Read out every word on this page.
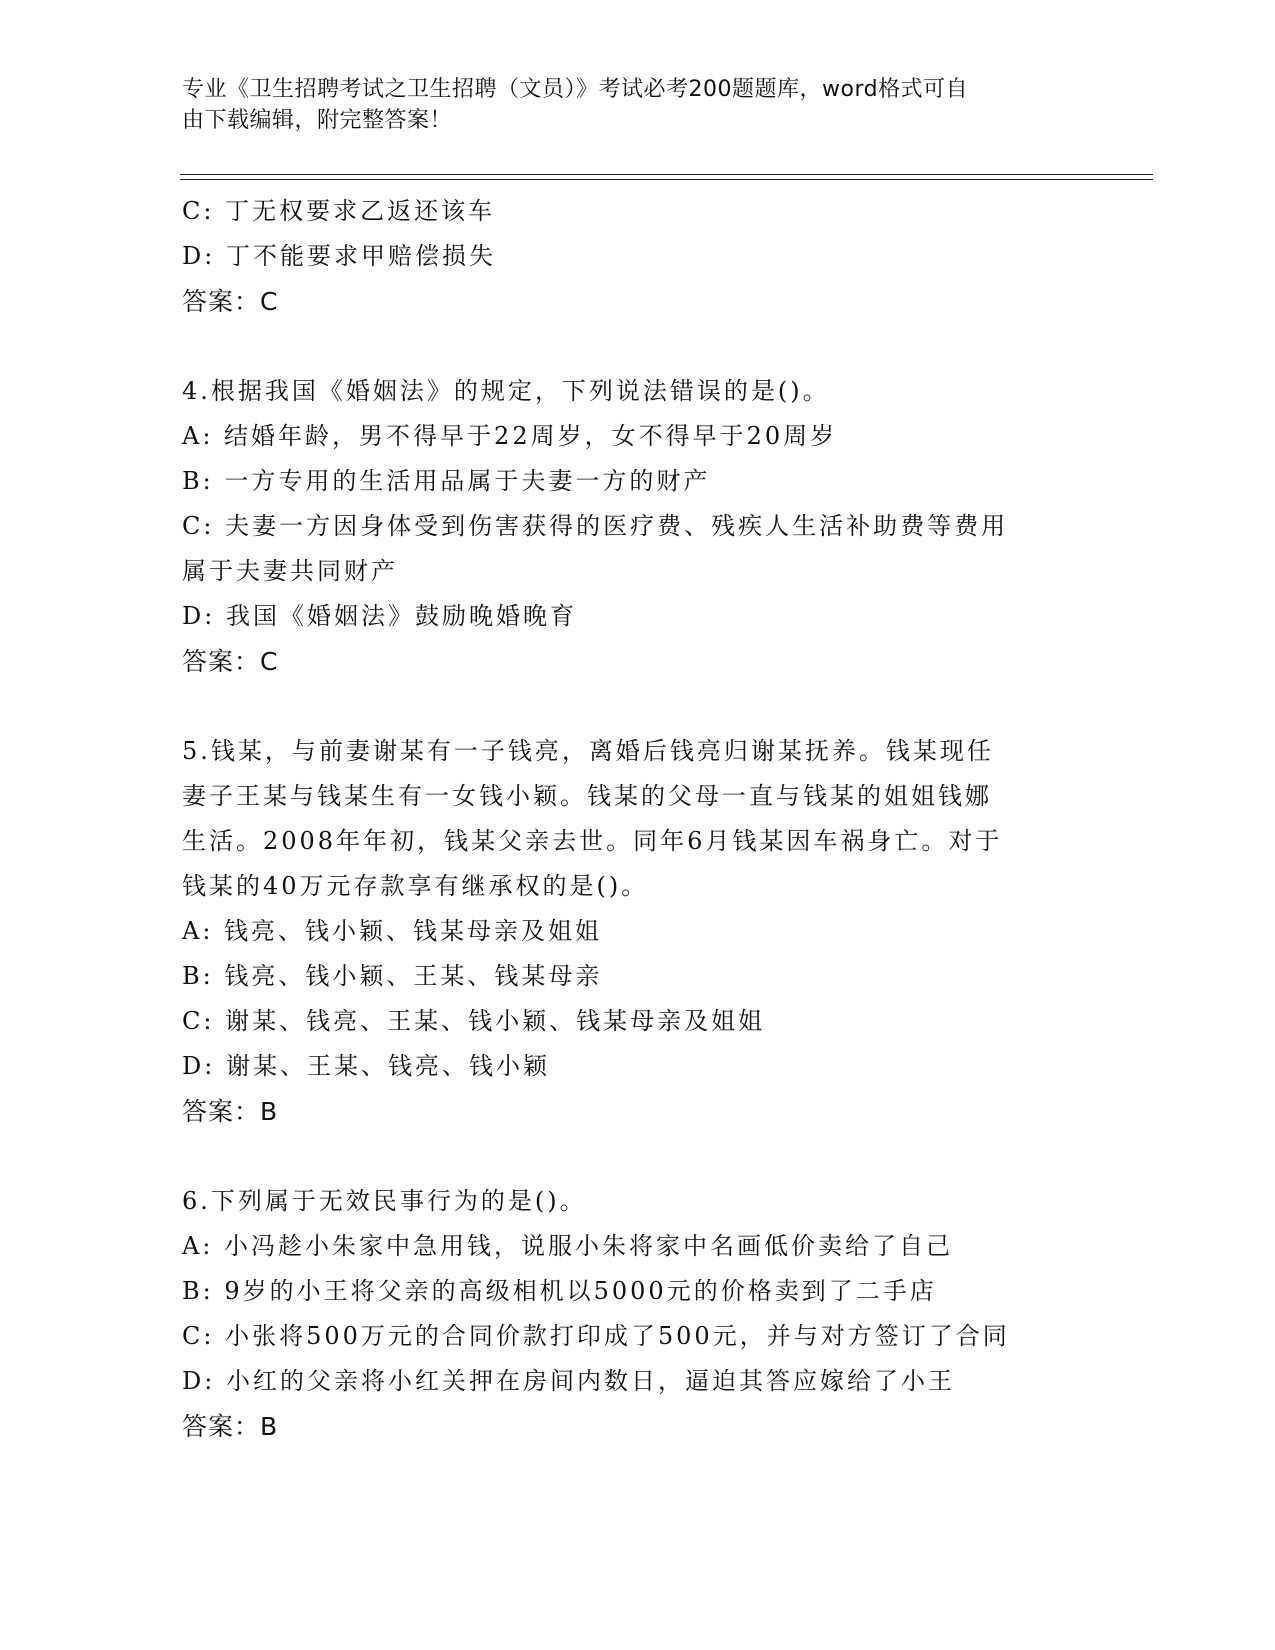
专业《卫生招聘考试之卫生招聘（文员）》考试必考200题题库，word格式可自
由下载编辑，附完整答案！
C: 丁无权要求乙返还该车
D: 丁不能要求甲赔偿损失
答案：C
4.根据我国《婚姻法》的规定，下列说法错误的是()。
A: 结婚年龄，男不得早于22周岁，女不得早于20周岁
B: 一方专用的生活用品属于夫妻一方的财产
C: 夫妻一方因身体受到伤害获得的医疗费、残疾人生活补助费等费用
属于夫妻共同财产
D: 我国《婚姻法》鼓励晚婚晚育
答案：C
5.钱某，与前妻谢某有一子钱亮，离婚后钱亮归谢某抚养。钱某现任
妻子王某与钱某生有一女钱小颖。钱某的父母一直与钱某的姐姐钱娜
生活。2008年年初，钱某父亲去世。同年6月钱某因车祸身亡。对于
钱某的40万元存款享有继承权的是()。
A: 钱亮、钱小颖、钱某母亲及姐姐
B: 钱亮、钱小颖、王某、钱某母亲
C: 谢某、钱亮、王某、钱小颖、钱某母亲及姐姐
D: 谢某、王某、钱亮、钱小颖
答案：B
6.下列属于无效民事行为的是()。
A: 小冯趁小朱家中急用钱，说服小朱将家中名画低价卖给了自己
B: 9岁的小王将父亲的高级相机以5000元的价格卖到了二手店
C: 小张将500万元的合同价款打印成了500元，并与对方签订了合同
D: 小红的父亲将小红关押在房间内数日，逼迫其答应嫁给了小王
答案：B
